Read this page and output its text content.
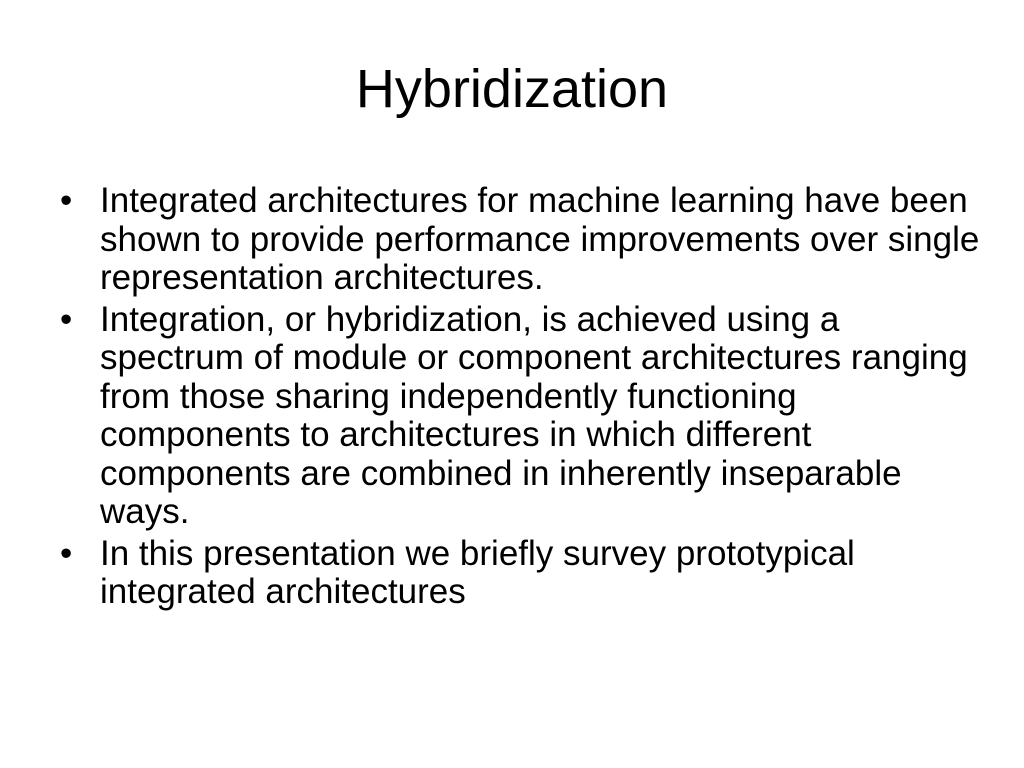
Hybridization
• Integrated architectures for machine learning have been shown to provide performance improvements over single representation architectures.
• Integration, or hybridization, is achieved using a spectrum of module or component architectures ranging from those sharing independently functioning components to architectures in which different components are combined in inherently inseparable ways.
• In this presentation we briefly survey prototypical integrated architectures
